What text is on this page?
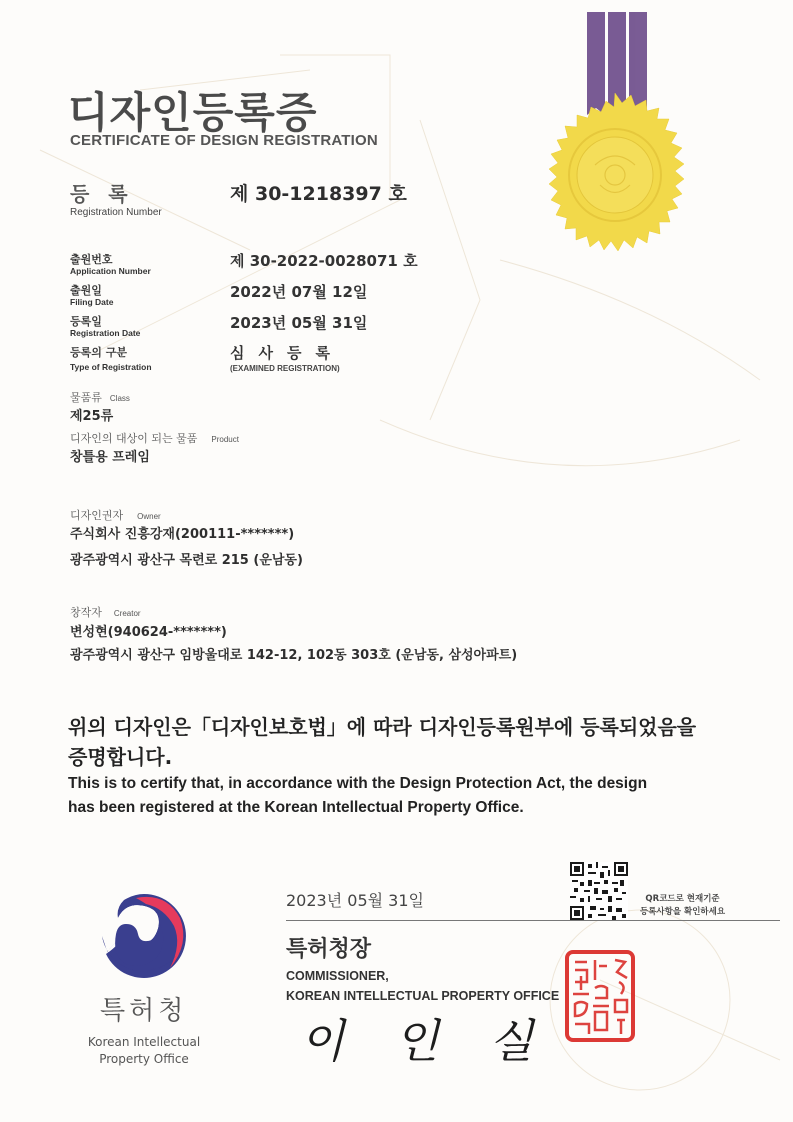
디자인등록증
CERTIFICATE OF DESIGN REGISTRATION
등 록
Registration Number
제 30-1218397 호
출원번호
Application Number
제 30-2022-0028071 호
출원일
Filing Date
2022년 07월 12일
등록일
Registration Date
2023년 05월 31일
등록의 구분
Type of Registration
심사등록
(EXAMINED REGISTRATION)
물품류 Class
제25류
디자인의 대상이 되는 물품 Product
창틀용 프레임
디자인권자 Owner
주식회사 진흥강재(200111-*******)
광주광역시 광산구 목련로 215 (운남동)
창작자 Creator
변성현(940624-*******)
광주광역시 광산구 임방울대로 142-12, 102동 303호 (운남동, 삼성아파트)
위의 디자인은「디자인보호법」에 따라 디자인등록원부에 등록되었음을
증명합니다.
This is to certify that, in accordance with the Design Protection Act, the design
has been registered at the Korean Intellectual Property Office.
QR코드로 현재기준
등록사항을 확인하세요
2023년 05월 31일
특허청장
COMMISSIONER,
KOREAN INTELLECTUAL PROPERTY OFFICE
이인실
특허청
Korean Intellectual
Property Office
